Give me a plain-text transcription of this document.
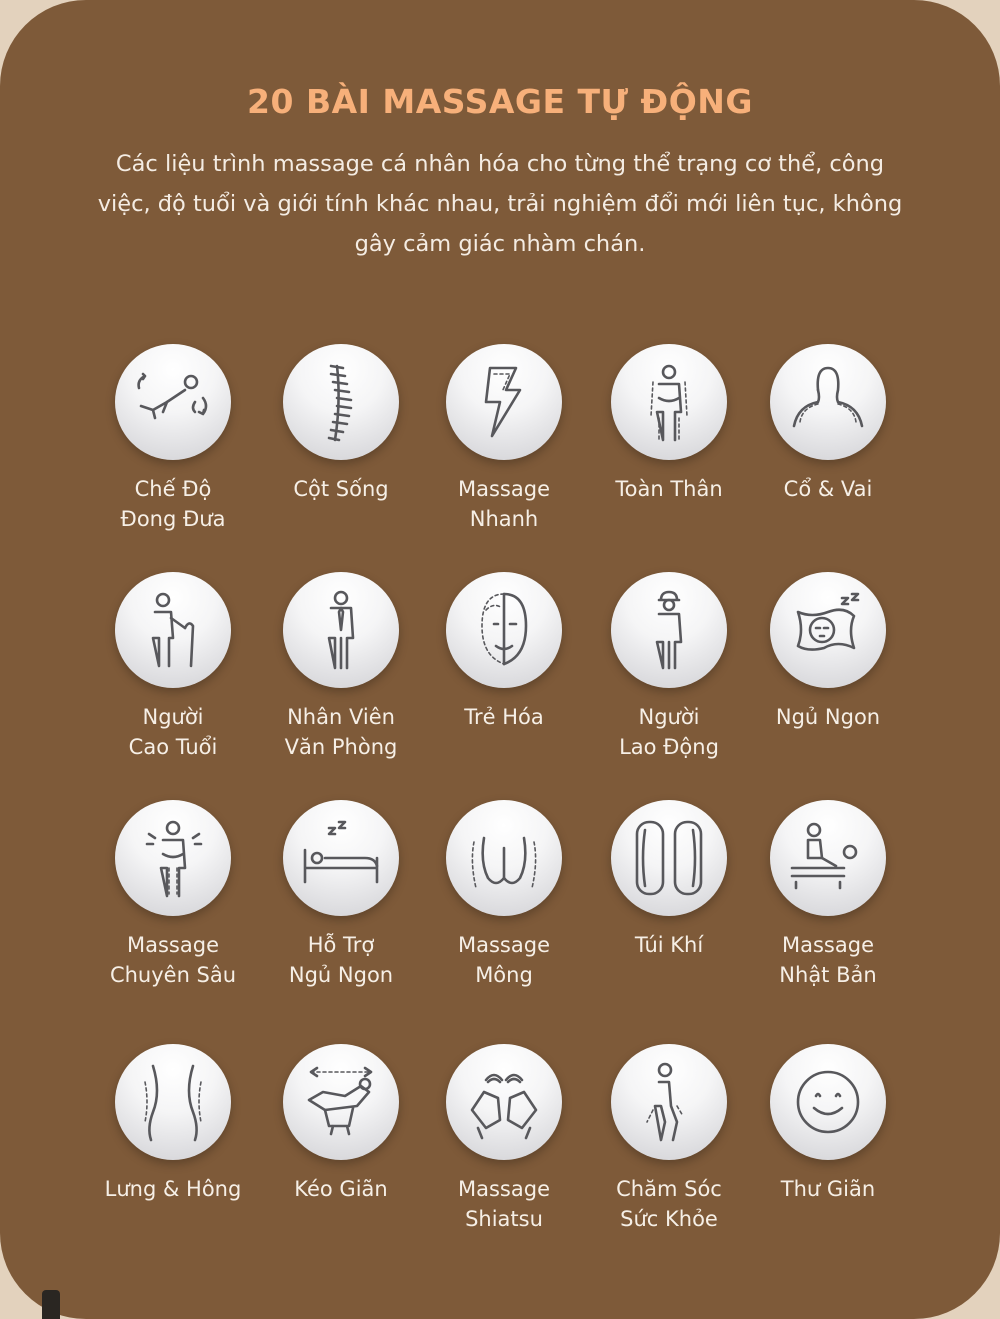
20 BÀI MASSAGE TỰ ĐỘNG
Các liệu trình massage cá nhân hóa cho từng thể trạng cơ thể, công việc, độ tuổi và giới tính khác nhau, trải nghiệm đổi mới liên tục, không gây cảm giác nhàm chán.
Chế Độ
Đong Đưa
Cột Sống	Massage
Nhanh
Toàn Thân	Cổ & Vai
Người
Cao Tuổi
Nhân Viên
Văn Phòng
Trẻ Hóa	Người
Lao Động
Ngủ Ngon
Massage
Chuyên Sâu
Hỗ Trợ
Ngủ Ngon
Massage
Mông
Túi Khí	Massage
Nhật Bản
Lưng & Hông	Kéo Giãn	Massage
Shiatsu
Chăm Sóc
Sức Khỏe
Thư Giãn
